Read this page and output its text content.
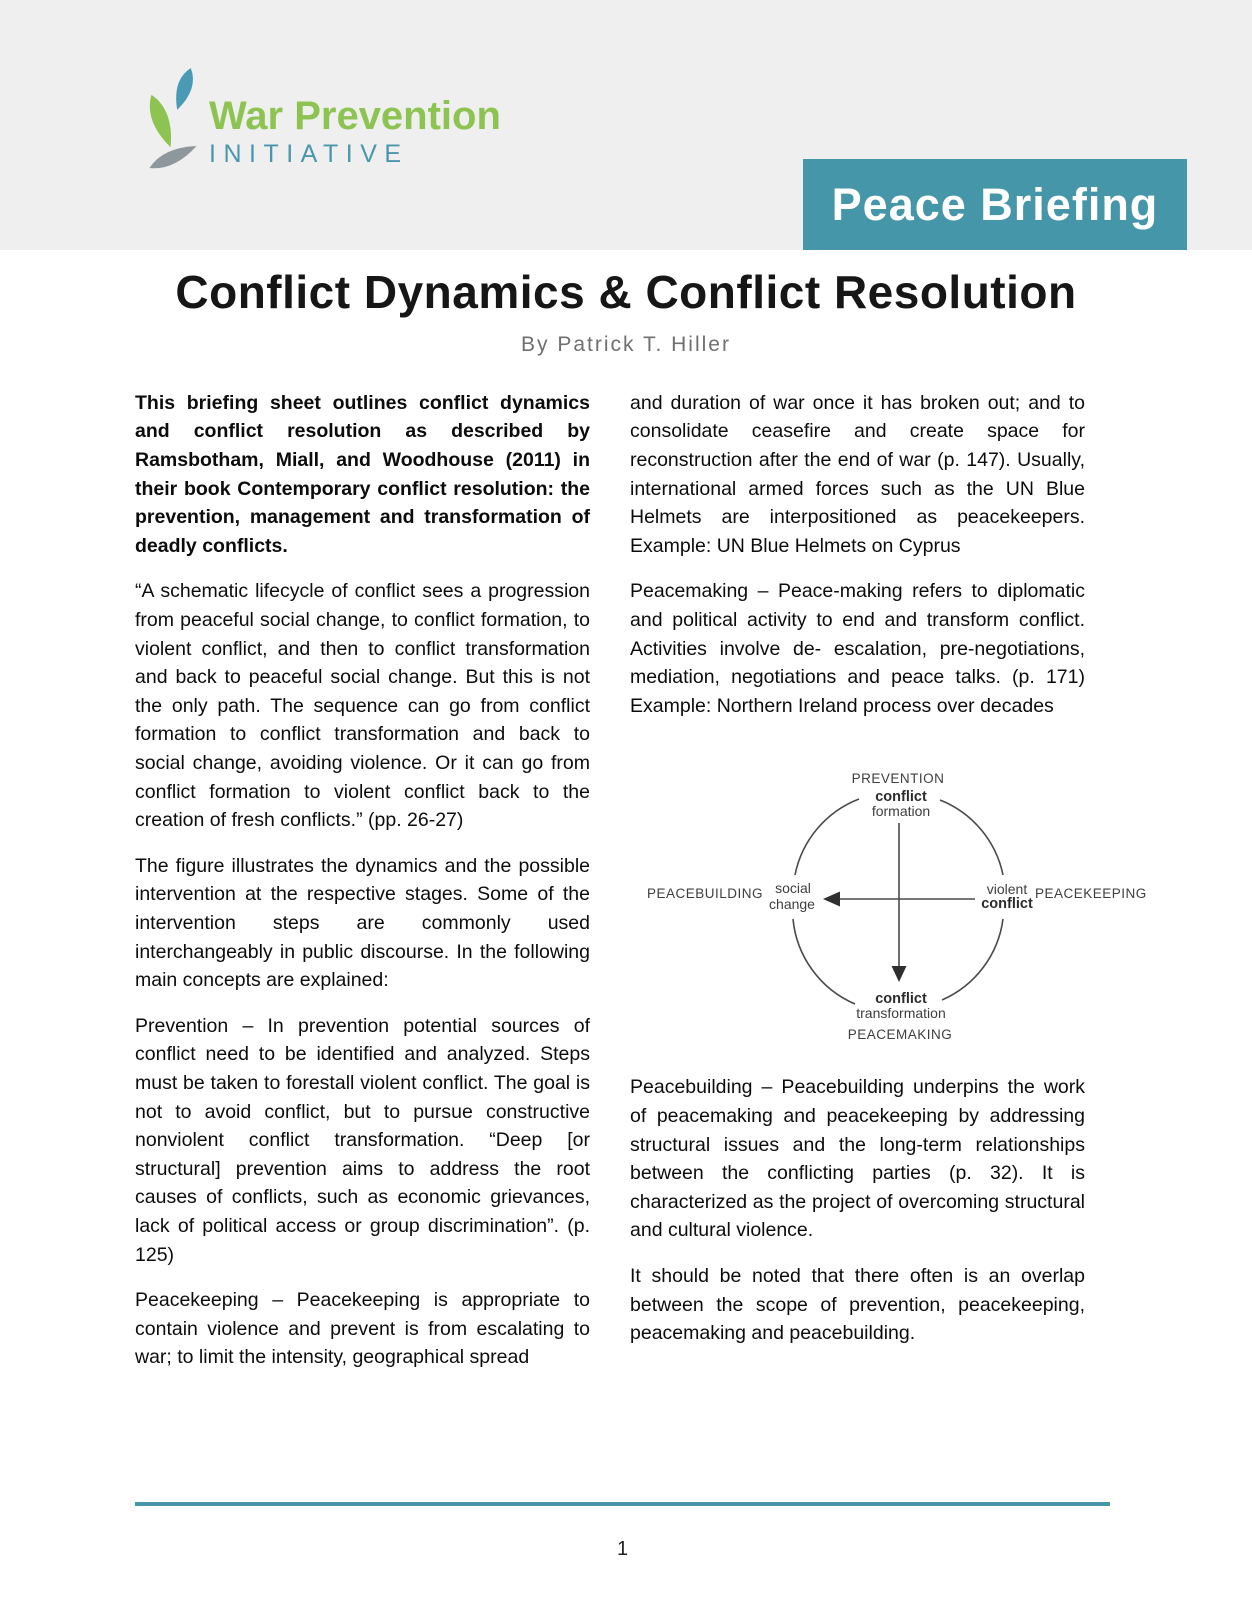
War Prevention
INITIATIVE
Peace Briefing
Conflict Dynamics & Conflict Resolution
By Patrick T. Hiller

This briefing sheet outlines conflict dynamics and conflict resolution as described by Ramsbotham, Miall, and Woodhouse (2011) in their book Contemporary conflict resolution: the prevention, management and transformation of deadly conflicts.

“A schematic lifecycle of conflict sees a progression from peaceful social change, to conflict formation, to violent conflict, and then to conflict transformation and back to peaceful social change. But this is not the only path. The sequence can go from conflict formation to conflict transformation and back to social change, avoiding violence. Or it can go from conflict formation to violent conflict back to the creation of fresh conflicts.” (pp. 26-27)

The figure illustrates the dynamics and the possible intervention at the respective stages. Some of the intervention steps are commonly used interchangeably in public discourse. In the following main concepts are explained:

Prevention – In prevention potential sources of conflict need to be identified and analyzed. Steps must be taken to forestall violent conflict. The goal is not to avoid conflict, but to pursue constructive nonviolent conflict transformation. “Deep [or structural] prevention aims to address the root causes of conflicts, such as economic grievances, lack of political access or group discrimination”. (p. 125)

Peacekeeping – Peacekeeping is appropriate to contain violence and prevent is from escalating to war; to limit the intensity, geographical spread

and duration of war once it has broken out; and to consolidate ceasefire and create space for reconstruction after the end of war (p. 147). Usually, international armed forces such as the UN Blue Helmets are interpositioned as peacekeepers. Example: UN Blue Helmets on Cyprus

Peacemaking – Peace-making refers to diplomatic and political activity to end and transform conflict. Activities involve de- escalation, pre-negotiations, mediation, negotiations and peace talks. (p. 171) Example: Northern Ireland process over decades

PREVENTION
conflict
formation
PEACEBUILDING social
change
violent
conflict
PEACEKEEPING
conflict
transformation
PEACEMAKING

Peacebuilding – Peacebuilding underpins the work of peacemaking and peacekeeping by addressing structural issues and the long-term relationships between the conflicting parties (p. 32). It is characterized as the project of overcoming structural and cultural violence.

It should be noted that there often is an overlap between the scope of prevention, peacekeeping, peacemaking and peacebuilding.

1
